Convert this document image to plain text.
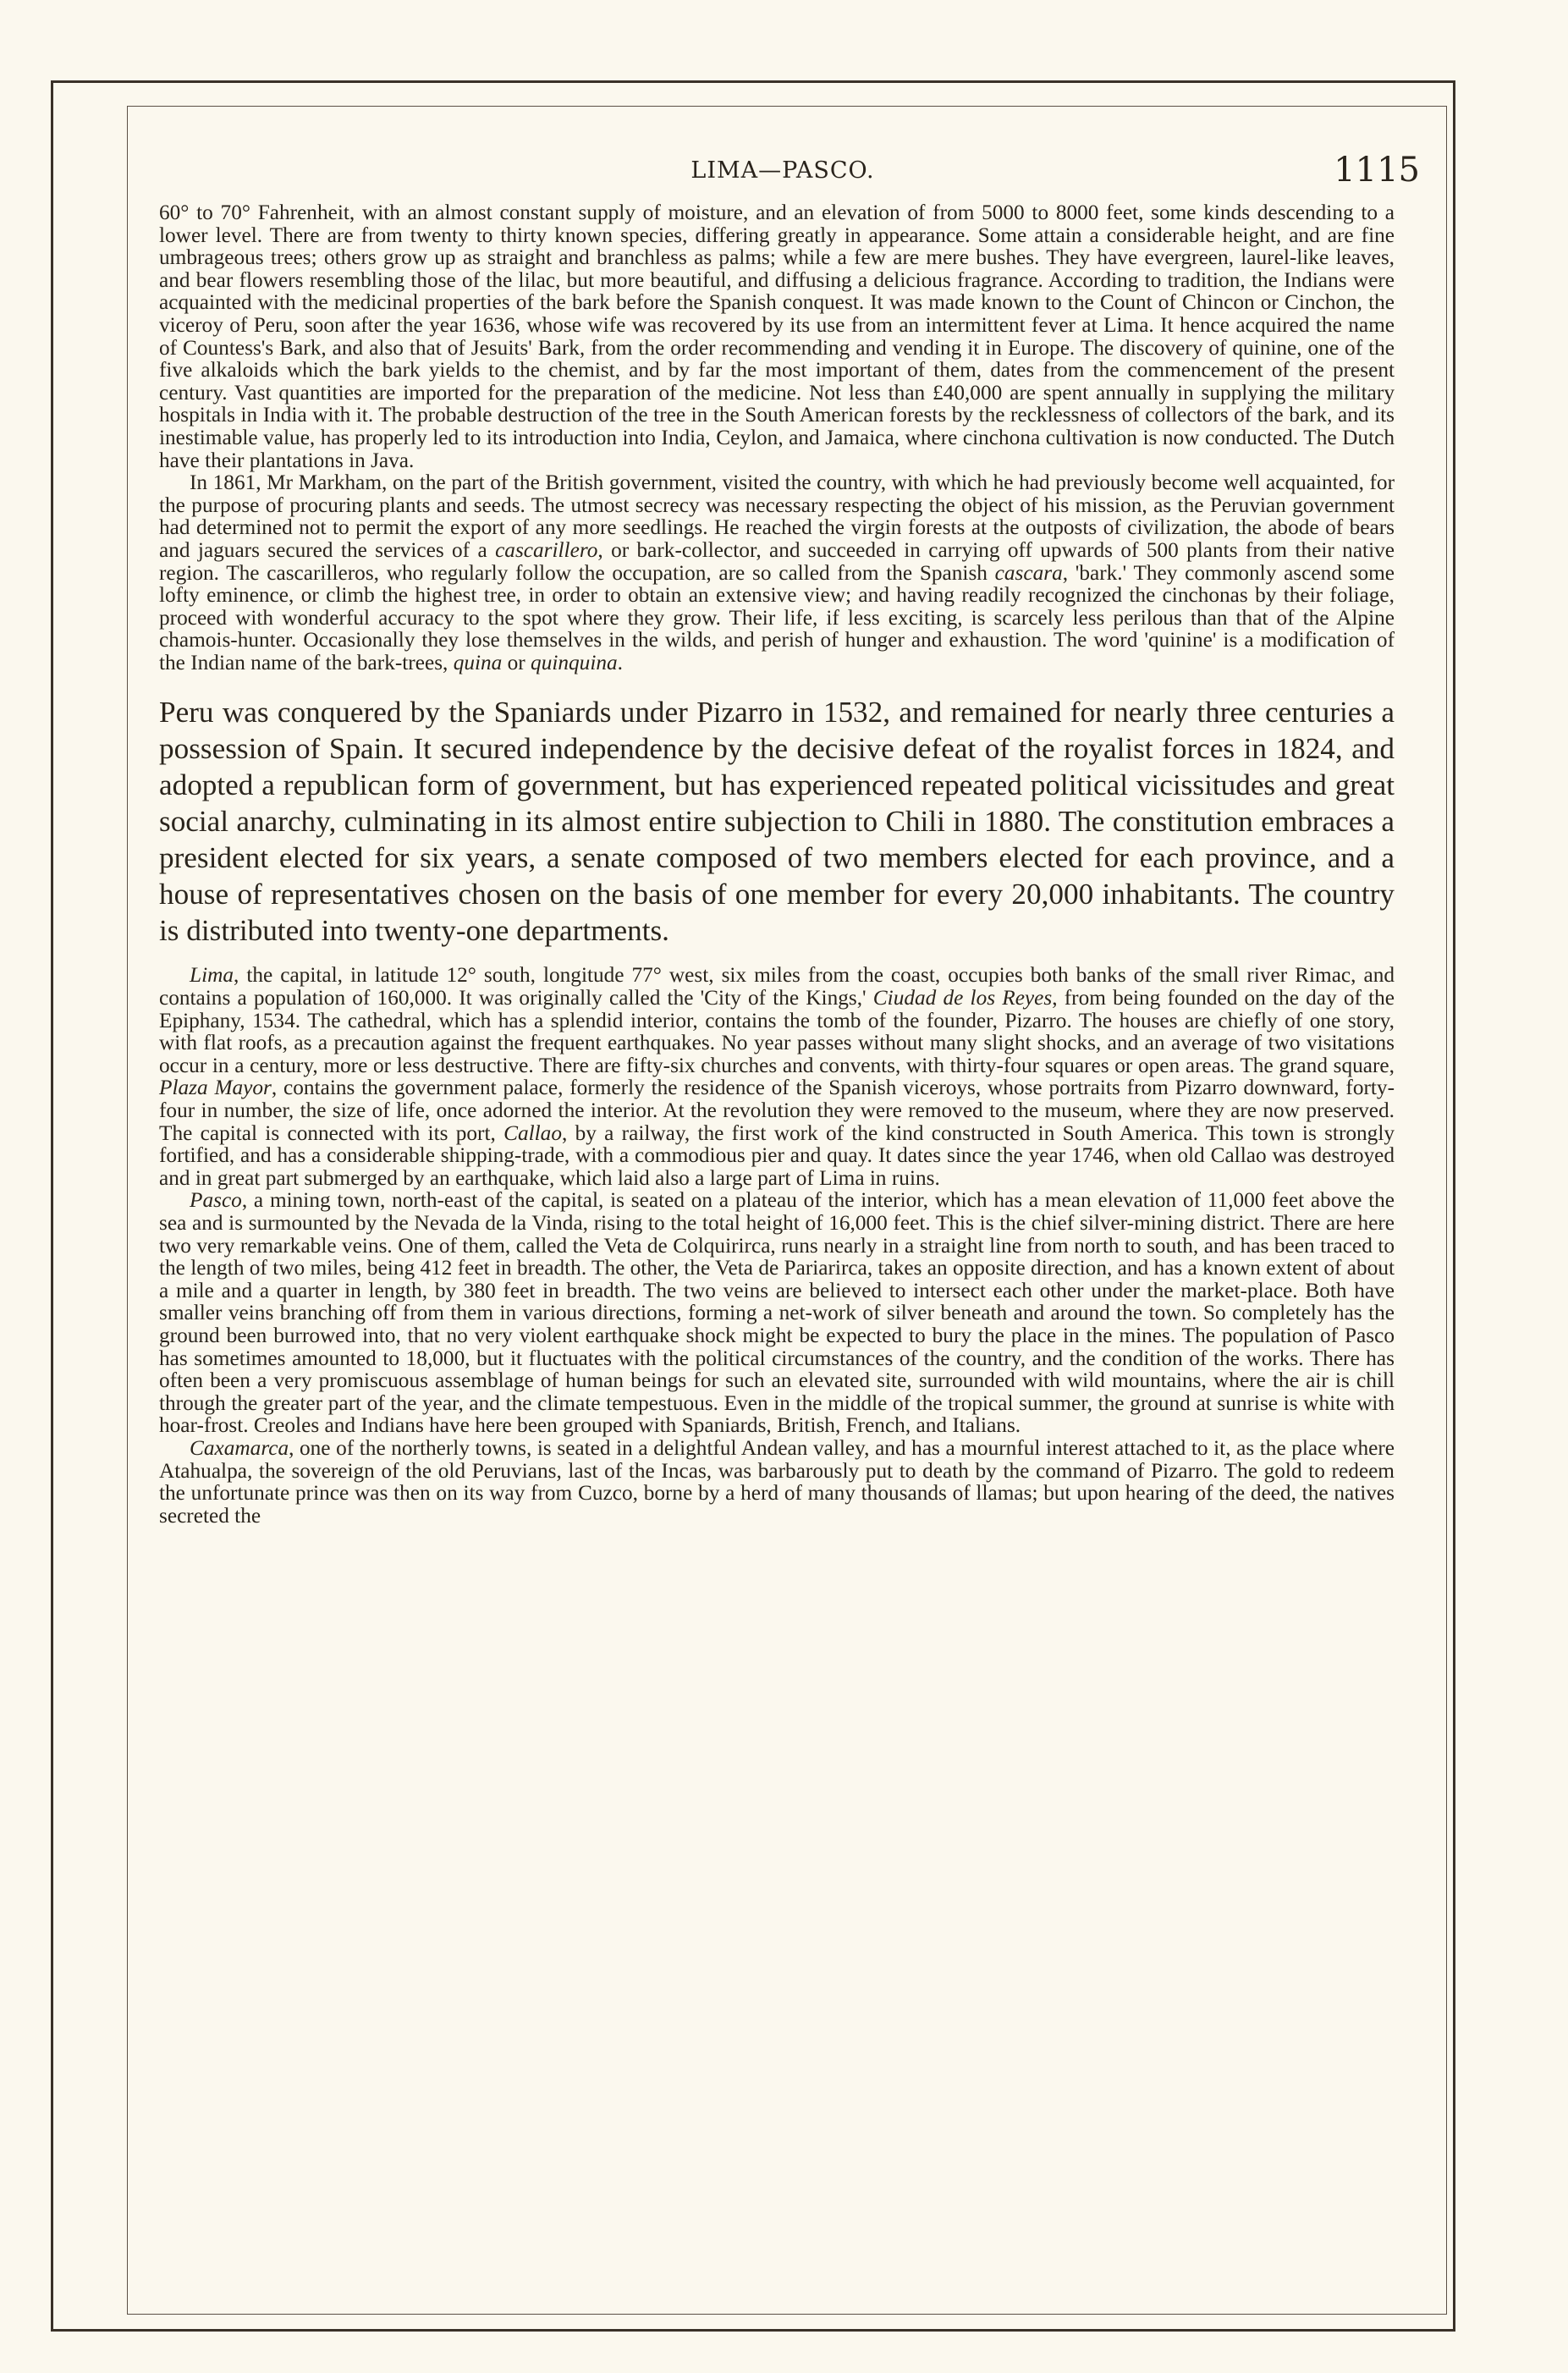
LIMA—PASCO.	1115

60° to 70° Fahrenheit, with an almost constant supply of moisture, and an elevation of from 5000 to 8000 feet, some kinds descending to a lower level. There are from twenty to thirty known species, differing greatly in appearance. Some attain a considerable height, and are fine umbrageous trees; others grow up as straight and branchless as palms; while a few are mere bushes. They have evergreen, laurel-like leaves, and bear flowers resembling those of the lilac, but more beautiful, and diffusing a delicious fragrance. According to tradition, the Indians were acquainted with the medicinal properties of the bark before the Spanish conquest. It was made known to the Count of Chincon or Cinchon, the viceroy of Peru, soon after the year 1636, whose wife was recovered by its use from an intermittent fever at Lima. It hence acquired the name of Countess's Bark, and also that of Jesuits' Bark, from the order recommending and vending it in Europe. The discovery of quinine, one of the five alkaloids which the bark yields to the chemist, and by far the most important of them, dates from the commencement of the present century. Vast quantities are imported for the preparation of the medicine. Not less than £40,000 are spent annually in supplying the military hospitals in India with it. The probable destruction of the tree in the South American forests by the recklessness of collectors of the bark, and its inestimable value, has properly led to its introduction into India, Ceylon, and Jamaica, where cinchona cultivation is now conducted. The Dutch have their plantations in Java.

In 1861, Mr Markham, on the part of the British government, visited the country, with which he had previously become well acquainted, for the purpose of procuring plants and seeds. The utmost secrecy was necessary respecting the object of his mission, as the Peruvian government had determined not to permit the export of any more seedlings. He reached the virgin forests at the outposts of civilization, the abode of bears and jaguars secured the services of a cascarillero, or bark-collector, and succeeded in carrying off upwards of 500 plants from their native region. The cascarilleros, who regularly follow the occupation, are so called from the Spanish cascara, 'bark.' They commonly ascend some lofty eminence, or climb the highest tree, in order to obtain an extensive view; and having readily recognized the cinchonas by their foliage, proceed with wonderful accuracy to the spot where they grow. Their life, if less exciting, is scarcely less perilous than that of the Alpine chamois-hunter. Occasionally they lose themselves in the wilds, and perish of hunger and exhaustion. The word 'quinine' is a modification of the Indian name of the bark-trees, quina or quinquina.

Peru was conquered by the Spaniards under Pizarro in 1532, and remained for nearly three centuries a possession of Spain. It secured independence by the decisive defeat of the royalist forces in 1824, and adopted a republican form of government, but has experienced repeated political vicissitudes and great social anarchy, culminating in its almost entire subjection to Chili in 1880. The constitution embraces a president elected for six years, a senate composed of two members elected for each province, and a house of representatives chosen on the basis of one member for every 20,000 inhabitants. The country is distributed into twenty-one departments.

Lima, the capital, in latitude 12° south, longitude 77° west, six miles from the coast, occupies both banks of the small river Rimac, and contains a population of 160,000. It was originally called the 'City of the Kings,' Ciudad de los Reyes, from being founded on the day of the Epiphany, 1534. The cathedral, which has a splendid interior, contains the tomb of the founder, Pizarro. The houses are chiefly of one story, with flat roofs, as a precaution against the frequent earthquakes. No year passes without many slight shocks, and an average of two visitations occur in a century, more or less destructive. There are fifty-six churches and convents, with thirty-four squares or open areas. The grand square, Plaza Mayor, contains the government palace, formerly the residence of the Spanish viceroys, whose portraits from Pizarro downward, forty-four in number, the size of life, once adorned the interior. At the revolution they were removed to the museum, where they are now preserved. The capital is connected with its port, Callao, by a railway, the first work of the kind constructed in South America. This town is strongly fortified, and has a considerable shipping-trade, with a commodious pier and quay. It dates since the year 1746, when old Callao was destroyed and in great part submerged by an earthquake, which laid also a large part of Lima in ruins.

Pasco, a mining town, north-east of the capital, is seated on a plateau of the interior, which has a mean elevation of 11,000 feet above the sea and is surmounted by the Nevada de la Vinda, rising to the total height of 16,000 feet. This is the chief silver-mining district. There are here two very remarkable veins. One of them, called the Veta de Colquirirca, runs nearly in a straight line from north to south, and has been traced to the length of two miles, being 412 feet in breadth. The other, the Veta de Pariarirca, takes an opposite direction, and has a known extent of about a mile and a quarter in length, by 380 feet in breadth. The two veins are believed to intersect each other under the market-place. Both have smaller veins branching off from them in various directions, forming a net-work of silver beneath and around the town. So completely has the ground been burrowed into, that no very violent earthquake shock might be expected to bury the place in the mines. The population of Pasco has sometimes amounted to 18,000, but it fluctuates with the political circumstances of the country, and the condition of the works. There has often been a very promiscuous assemblage of human beings for such an elevated site, surrounded with wild mountains, where the air is chill through the greater part of the year, and the climate tempestuous. Even in the middle of the tropical summer, the ground at sunrise is white with hoar-frost. Creoles and Indians have here been grouped with Spaniards, British, French, and Italians.

Caxamarca, one of the northerly towns, is seated in a delightful Andean valley, and has a mournful interest attached to it, as the place where Atahualpa, the sovereign of the old Peruvians, last of the Incas, was barbarously put to death by the command of Pizarro. The gold to redeem the unfortunate prince was then on its way from Cuzco, borne by a herd of many thousands of llamas; but upon hearing of the deed, the natives secreted the
